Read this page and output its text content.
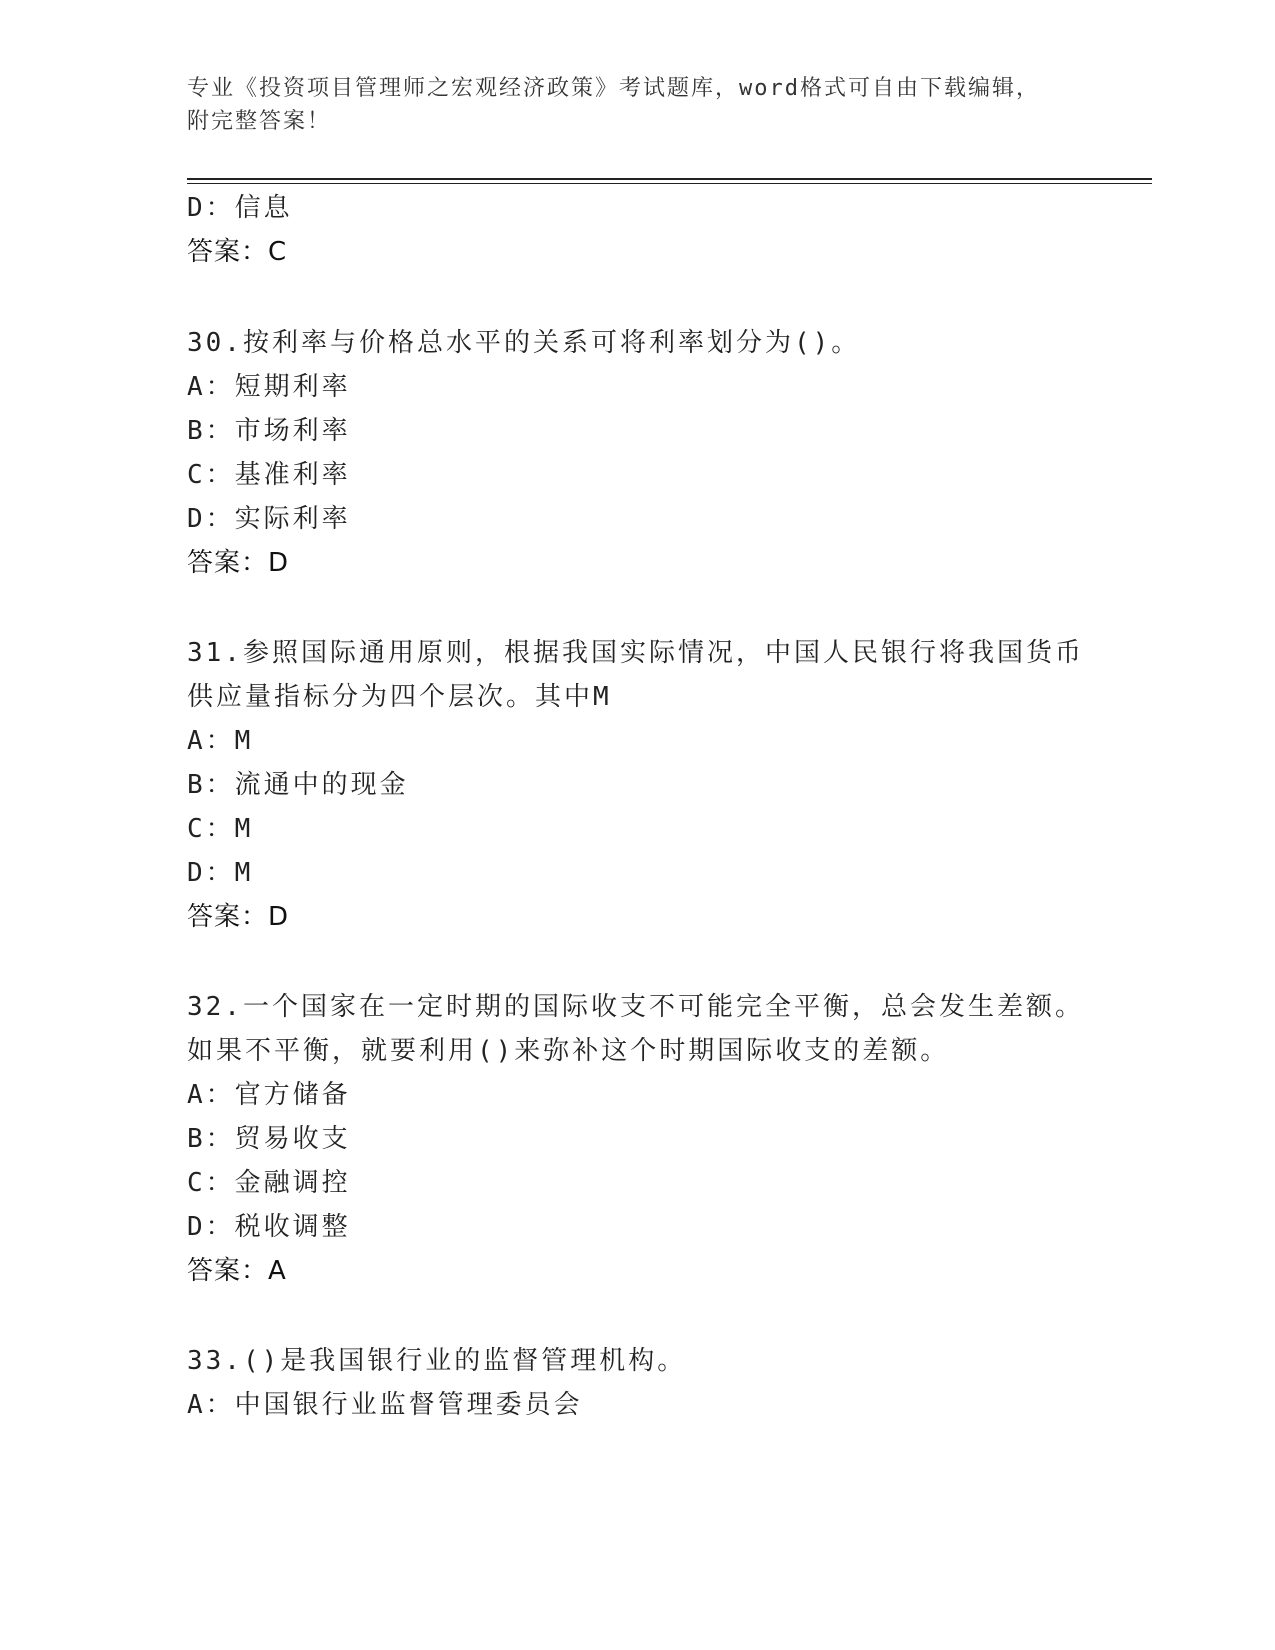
专业《投资项目管理师之宏观经济政策》考试题库，word格式可自由下载编辑，
附完整答案！
D：信息
答案：C
30.按利率与价格总水平的关系可将利率划分为()。
A：短期利率
B：市场利率
C：基准利率
D：实际利率
答案：D
31.参照国际通用原则，根据我国实际情况，中国人民银行将我国货币
供应量指标分为四个层次。其中M
A：M
B：流通中的现金
C：M
D：M
答案：D
32.一个国家在一定时期的国际收支不可能完全平衡，总会发生差额。
如果不平衡，就要利用()来弥补这个时期国际收支的差额。
A：官方储备
B：贸易收支
C：金融调控
D：税收调整
答案：A
33.()是我国银行业的监督管理机构。
A：中国银行业监督管理委员会
